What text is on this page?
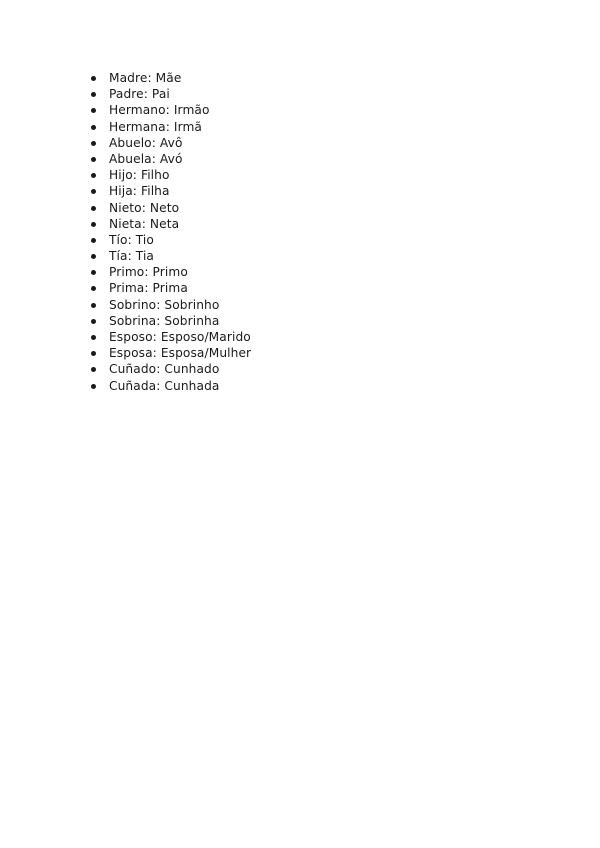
Madre: Mãe
Padre: Pai
Hermano: Irmão
Hermana: Irmã
Abuelo: Avô
Abuela: Avó
Hijo: Filho
Hija: Filha
Nieto: Neto
Nieta: Neta
Tío: Tio
Tía: Tia
Primo: Primo
Prima: Prima
Sobrino: Sobrinho
Sobrina: Sobrinha
Esposo: Esposo/Marido
Esposa: Esposa/Mulher
Cuñado: Cunhado
Cuñada: Cunhada
